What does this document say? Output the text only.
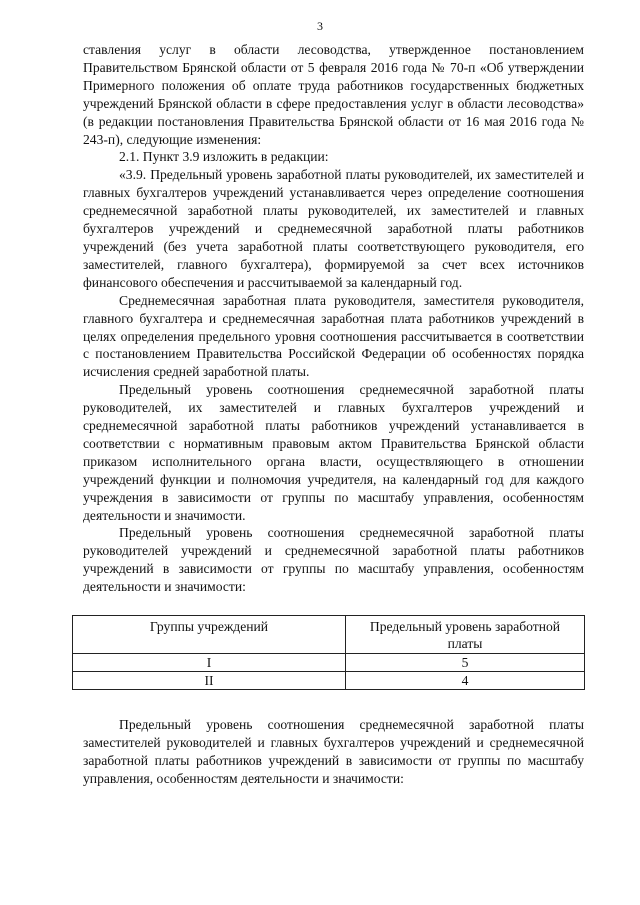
3

ставления услуг в области лесоводства, утвержденное постановлением Правительством Брянской области от 5 февраля 2016 года № 70-п «Об утверждении Примерного положения об оплате труда работников государственных бюджетных учреждений Брянской области в сфере предоставления услуг в области лесоводства» (в редакции постановления Правительства Брянской области от 16 мая 2016 года № 243-п), следующие изменения:

2.1. Пункт 3.9 изложить в редакции:

«3.9. Предельный уровень заработной платы руководителей, их заместителей и главных бухгалтеров учреждений устанавливается через определение соотношения среднемесячной заработной платы руководителей, их заместителей и главных бухгалтеров учреждений и среднемесячной заработной платы работников учреждений (без учета заработной платы соответствующего руководителя, его заместителей, главного бухгалтера), формируемой за счет всех источников финансового обеспечения и рассчитываемой за календарный год.

Среднемесячная заработная плата руководителя, заместителя руководителя, главного бухгалтера и среднемесячная заработная плата работников учреждений в целях определения предельного уровня соотношения рассчитывается в соответствии с постановлением Правительства Российской Федерации об особенностях порядка исчисления средней заработной платы.

Предельный уровень соотношения среднемесячной заработной платы руководителей, их заместителей и главных бухгалтеров учреждений и среднемесячной заработной платы работников учреждений устанавливается в соответствии с нормативным правовым актом Правительства Брянской области приказом исполнительного органа власти, осуществляющего в отношении учреждений функции и полномочия учредителя, на календарный год для каждого учреждения в зависимости от группы по масштабу управления, особенностям деятельности и значимости.

Предельный уровень соотношения среднемесячной заработной платы руководителей учреждений и среднемесячной заработной платы работников учреждений в зависимости от группы по масштабу управления, особенностям деятельности и значимости:

Группы учреждений	Предельный уровень заработной платы
I	5
II	4

Предельный уровень соотношения среднемесячной заработной платы заместителей руководителей и главных бухгалтеров учреждений и среднемесячной заработной платы работников учреждений в зависимости от группы по масштабу управления, особенностям деятельности и значимости:
